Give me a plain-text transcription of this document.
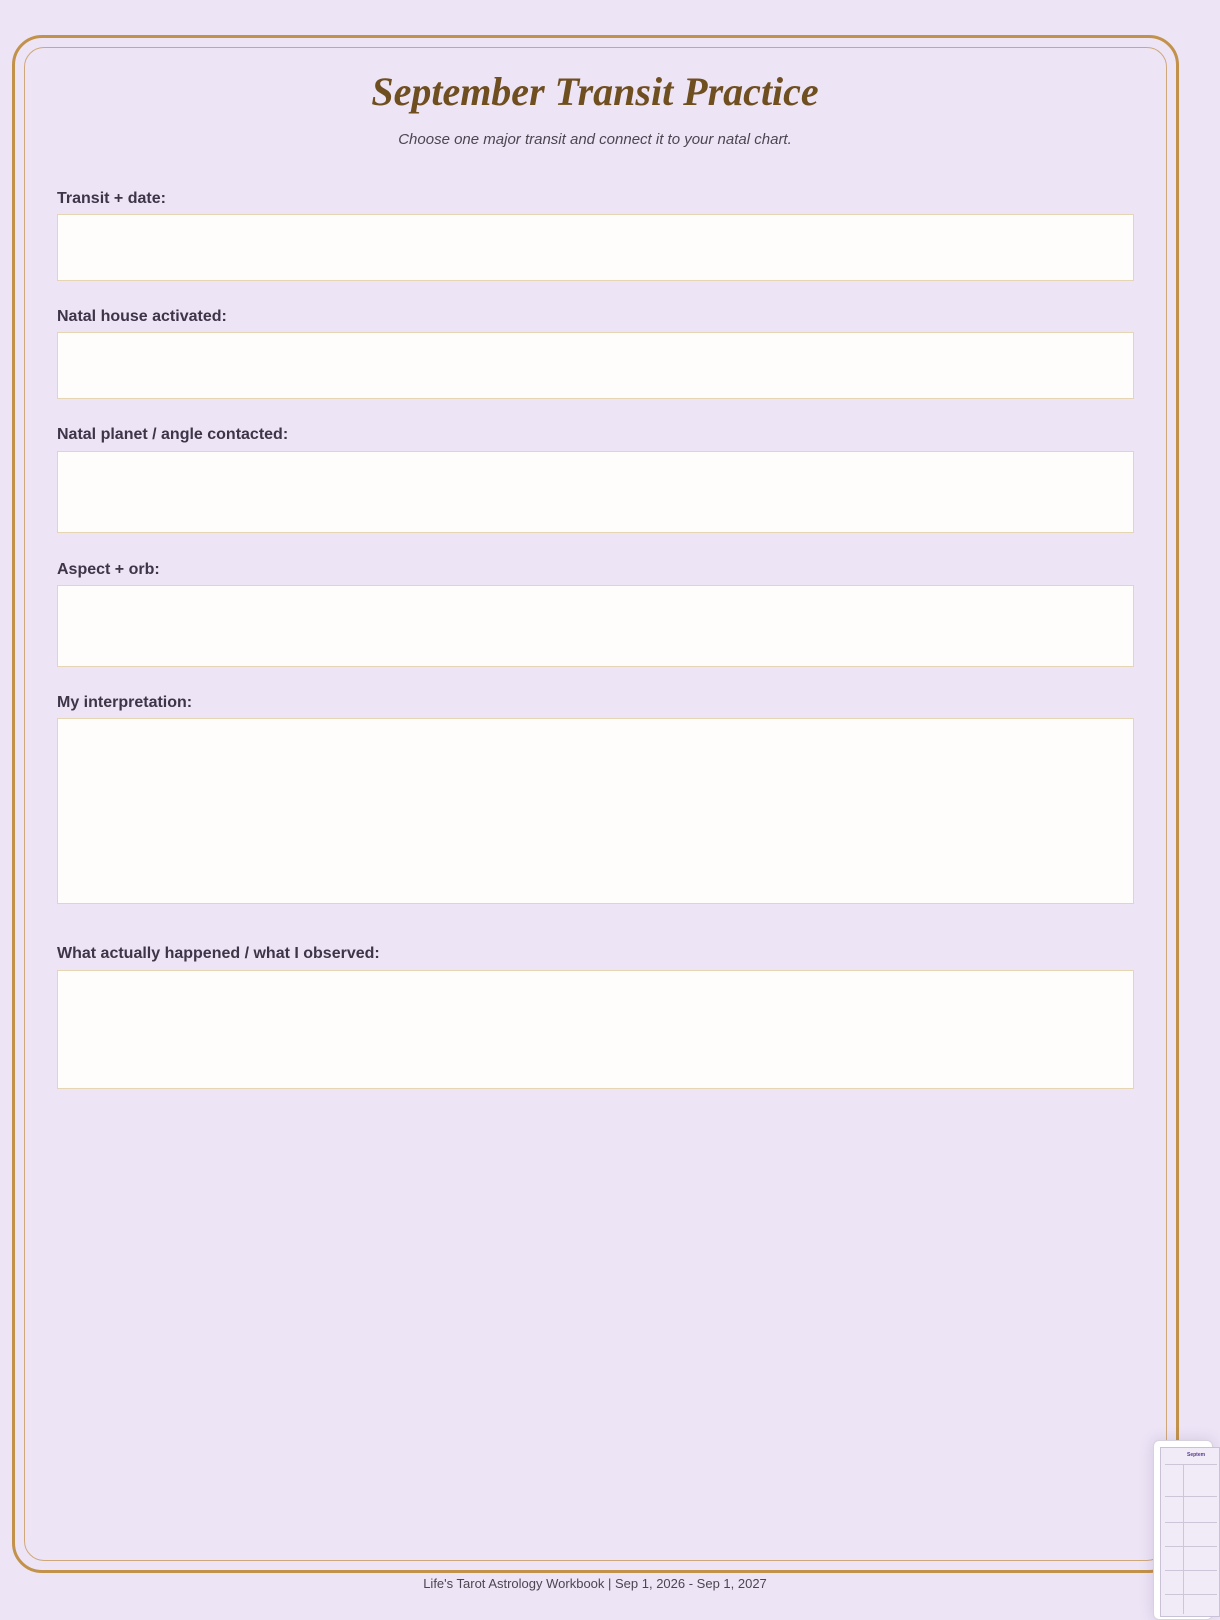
September Transit Practice
Choose one major transit and connect it to your natal chart.
Transit + date:
Natal house activated:
Natal planet / angle contacted:
Aspect + orb:
My interpretation:
What actually happened / what I observed:
Life's Tarot Astrology Workbook | Sep 1, 2026 - Sep 1, 2027
Septem
